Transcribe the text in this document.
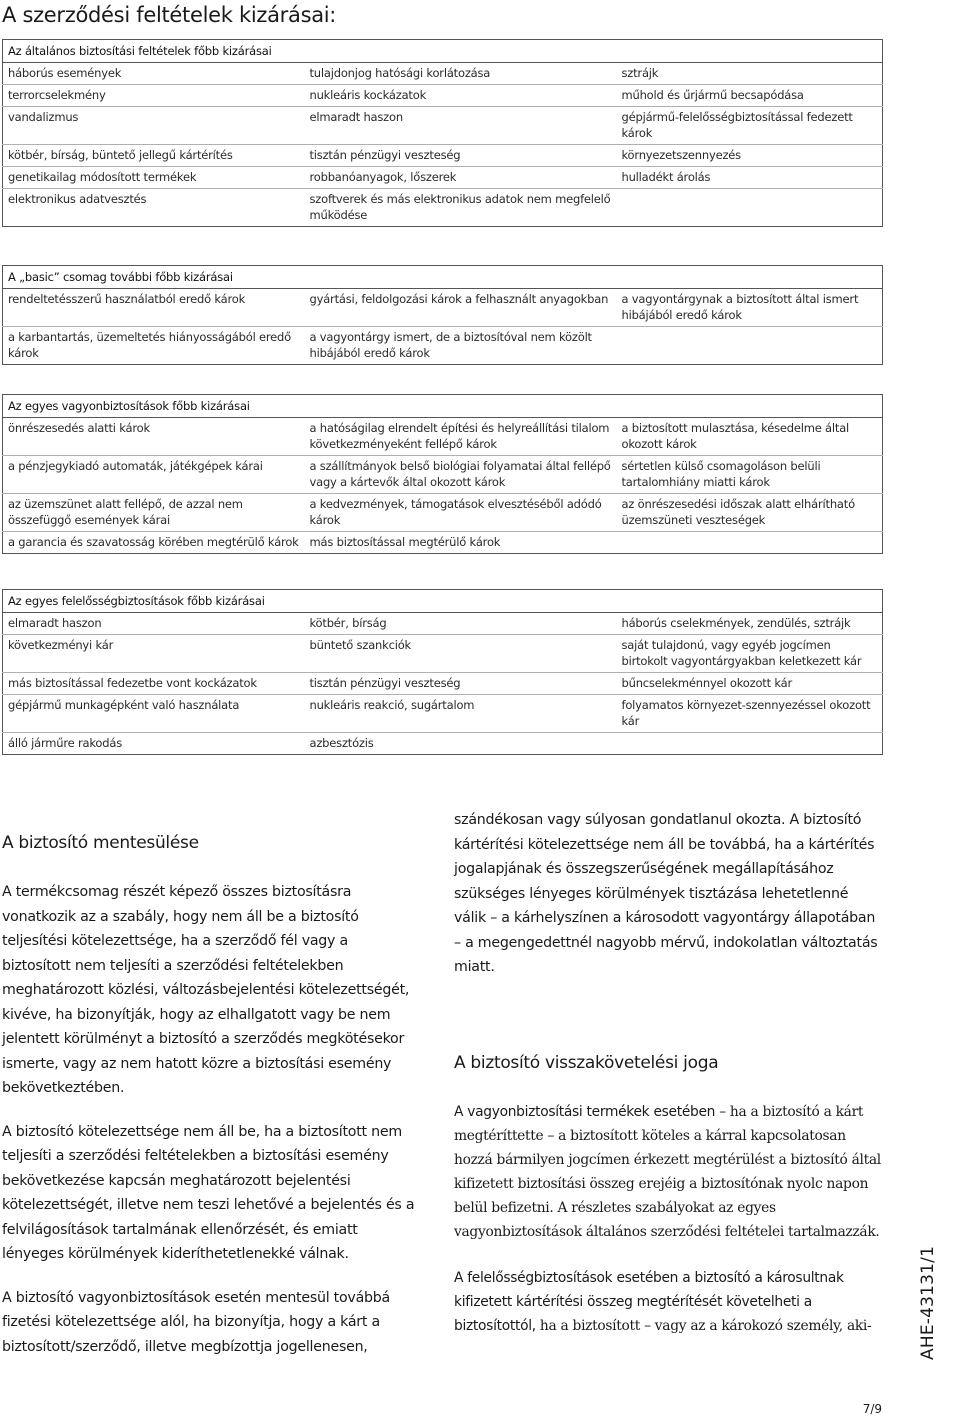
A szerződési feltételek kizárásai:
Az általános biztosítási feltételek főbb kizárásai		
háborús események	tulajdonjog hatósági korlátozása	sztrájk
terrorcselekmény	nukleáris kockázatok	műhold és űrjármű becsapódása
vandalizmus	elmaradt haszon	gépjármű-felelősségbiztosítással fedezett károk
kötbér, bírság, büntető jellegű kártérítés	tisztán pénzügyi veszteség	környezetszennyezés
genetikailag módosított termékek	robbanóanyagok, lőszerek	hulladékt árolás
elektronikus adatvesztés	szoftverek és más elektronikus adatok nem megfelelő működése	
A „basic” csomag további főbb kizárásai		
rendeltetésszerű használatból eredő károk	gyártási, feldolgozási károk a felhasznált anyagokban	a vagyontárgynak a biztosított által ismert hibájából eredő károk
a karbantartás, üzemeltetés hiányosságából eredő károk	a vagyontárgy ismert, de a biztosítóval nem közölt hibájából eredő károk	
Az egyes vagyonbiztosítások főbb kizárásai		
önrészesedés alatti károk	a hatóságilag elrendelt építési és helyreállítási tilalom következményeként fellépő károk	a biztosított mulasztása, késedelme által okozott károk
a pénzjegykiadó automaták, játékgépek kárai	a szállítmányok belső biológiai folyamatai által fellépő vagy a kártevők által okozott károk	sértetlen külső csomagoláson belüli tartalomhiány miatti károk
az üzemszünet alatt fellépő, de azzal nem összefüggő események kárai	a kedvezmények, támogatások elvesztéséből adódó károk	az önrészesedési időszak alatt elhárítható üzemszüneti veszteségek
a garancia és szavatosság körében megtérülő károk	más biztosítással megtérülő károk	
Az egyes felelősségbiztosítások főbb kizárásai		
elmaradt haszon	kötbér, bírság	háborús cselekmények, zendülés, sztrájk
következményi kár	büntető szankciók	saját tulajdonú, vagy egyéb jogcímen birtokolt vagyontárgyakban keletkezett kár
más biztosítással fedezetbe vont kockázatok	tisztán pénzügyi veszteség	bűncselekménnyel okozott kár
gépjármű munkagépként való használata	nukleáris reakció, sugártalom	folyamatos környezet-szennyezéssel okozott kár
álló járműre rakodás	azbesztózis	
A biztosító mentesülése

A termékcsomag részét képező összes biztosításra vonatkozik az a szabály, hogy nem áll be a biztosító teljesítési kötelezettsége, ha a szerződő fél vagy a biztosított nem teljesíti a szerződési feltételekben meghatározott közlési, változásbejelentési kötelezettségét, kivéve, ha bizonyítják, hogy az elhallgatott vagy be nem jelentett körülményt a biztosító a szerződés megkötésekor ismerte, vagy az nem hatott közre a biztosítási esemény bekövetkeztében.

A biztosító kötelezettsége nem áll be, ha a biztosított nem teljesíti a szerződési feltételekben a biztosítási esemény bekövetkezése kapcsán meghatározott bejelentési kötelezettségét, illetve nem teszi lehetővé a bejelentés és a felvilágosítások tartalmának ellenőrzését, és emiatt lényeges körülmények kideríthetetlenekké válnak.

A biztosító vagyonbiztosítások esetén mentesül továbbá fizetési kötelezettsége alól, ha bizonyítja, hogy a kárt a biztosított/szerződő, illetve megbízottja jogellenesen,

szándékosan vagy súlyosan gondatlanul okozta. A biztosító kártérítési kötelezettsége nem áll be továbbá, ha a kártérítés jogalapjának és összegszerűségének megállapításához szükséges lényeges körülmények tisztázása lehetetlenné válik – a kárhelyszínen a károsodott vagyontárgy állapotában – a megengedettnél nagyobb mérvű, indokolatlan változtatás miatt.

A biztosító visszakövetelési joga

A vagyonbiztosítási termékek esetében – ha a biztosító a kárt megtéríttette – a biztosított köteles a kárral kapcsolatosan hozzá bármilyen jogcímen érkezett megtérülést a biztosító által kifizetett biztosítási összeg erejéig a biztosítónak nyolc napon belül befizetni. A részletes szabályokat az egyes vagyonbiztosítások általános szerződési feltételei tartalmazzák.

A felelősségbiztosítások esetében a biztosító a károsultnak kifizetett kártérítési összeg megtérítését követelheti a biztosítottól, ha a biztosított – vagy az a károkozó személy, aki-	AHE-43131/1
7/9
